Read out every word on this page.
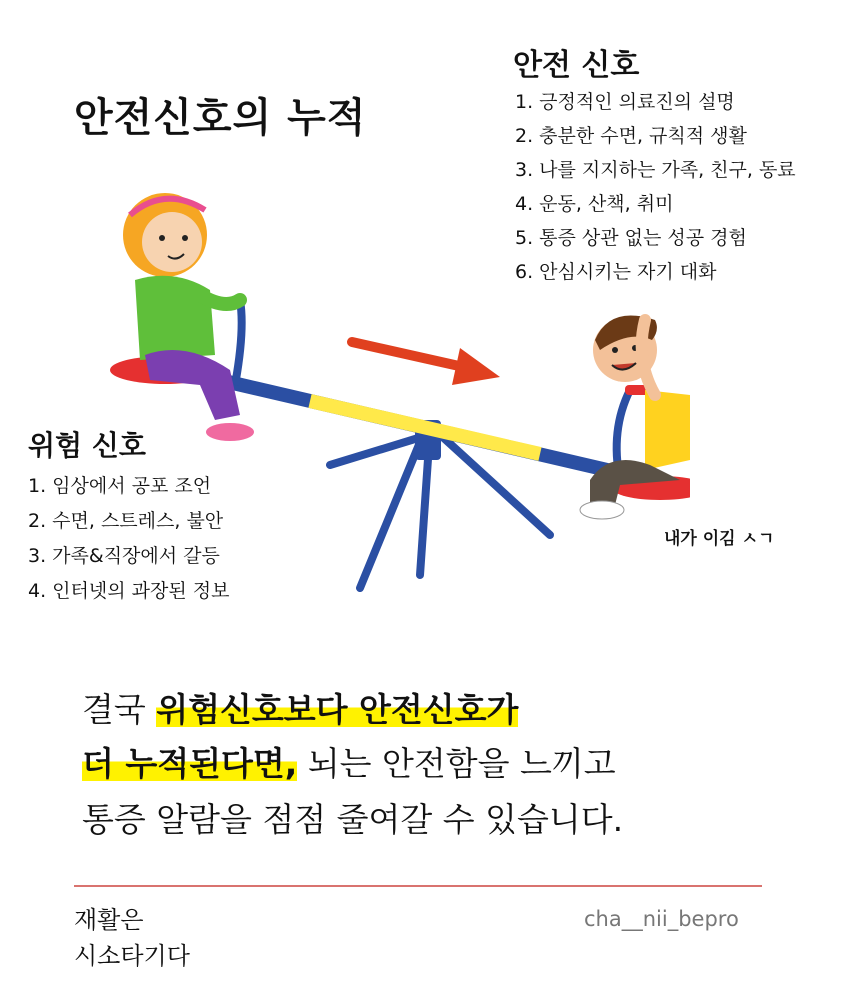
안전신호의 누적
안전 신호
1. 긍정적인 의료진의 설명
2. 충분한 수면, 규칙적 생활
3. 나를 지지하는 가족, 친구, 동료
4. 운동, 산책, 취미
5. 통증 상관 없는 성공 경험
6. 안심시키는 자기 대화
위험 신호
1. 임상에서 공포 조언
2. 수면, 스트레스, 불안
3. 가족&직장에서 갈등
4. 인터넷의 과장된 정보
내가 이김 ㅅㄱ
결국 위험신호보다 안전신호가
더 누적된다면, 뇌는 안전함을 느끼고
통증 알람을 점점 줄여갈 수 있습니다.
재활은
시소타기다
cha__nii_bepro
